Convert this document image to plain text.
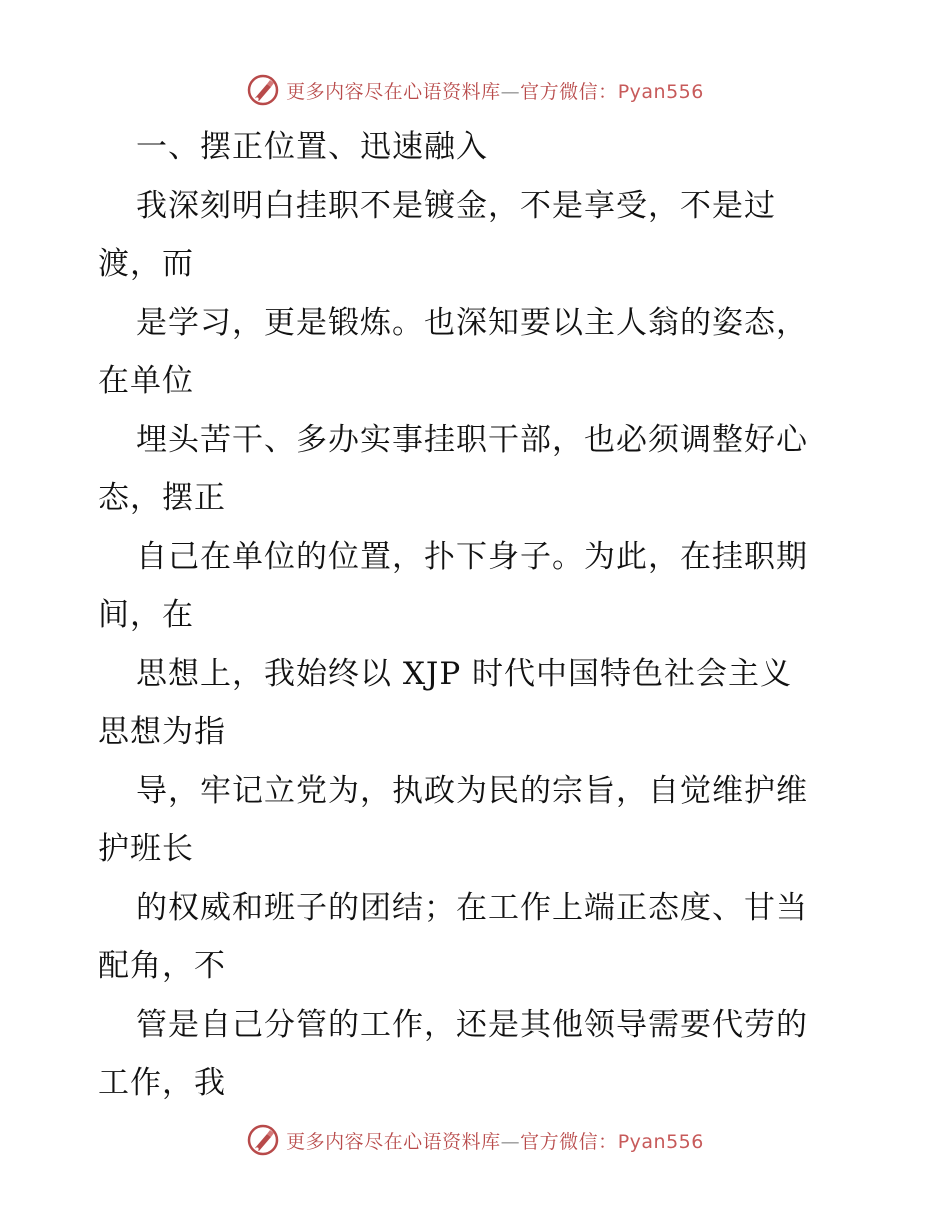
更多内容尽在心语资料库—官方微信：Pyan556
一、摆正位置、迅速融入
我深刻明白挂职不是镀金，不是享受，不是过
渡，而
是学习，更是锻炼。也深知要以主人翁的姿态，
在单位
埋头苦干、多办实事挂职干部，也必须调整好心
态，摆正
自己在单位的位置，扑下身子。为此，在挂职期
间，在
思想上，我始终以 XJP 时代中国特色社会主义
思想为指
导，牢记立党为，执政为民的宗旨，自觉维护维
护班长
的权威和班子的团结；在工作上端正态度、甘当
配角，不
管是自己分管的工作，还是其他领导需要代劳的
工作，我
更多内容尽在心语资料库—官方微信：Pyan556
